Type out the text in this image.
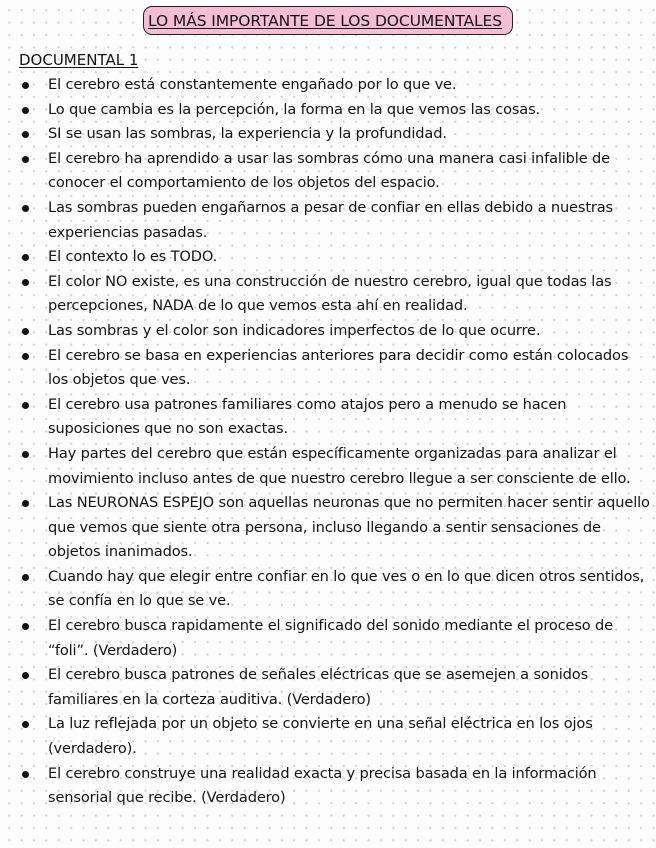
LO MÁS IMPORTANTE DE LOS DOCUMENTALES
DOCUMENTAL 1
El cerebro está constantemente engañado por lo que ve.
Lo que cambia es la percepción, la forma en la que vemos las cosas.
SI se usan las sombras, la experiencia y la profundidad.
El cerebro ha aprendido a usar las sombras cómo una manera casi infalible de conocer el comportamiento de los objetos del espacio.
Las sombras pueden engañarnos a pesar de confiar en ellas debido a nuestras experiencias pasadas.
El contexto lo es TODO.
El color NO existe, es una construcción de nuestro cerebro, igual que todas las percepciones, NADA de lo que vemos esta ahí en realidad.
Las sombras y el color son indicadores imperfectos de lo que ocurre.
El cerebro se basa en experiencias anteriores para decidir como están colocados los objetos que ves.
El cerebro usa patrones familiares como atajos pero a menudo se hacen suposiciones que no son exactas.
Hay partes del cerebro que están específicamente organizadas para analizar el movimiento incluso antes de que nuestro cerebro llegue a ser consciente de ello.
Las NEURONAS ESPEJO son aquellas neuronas que no permiten hacer sentir aquello que vemos que siente otra persona, incluso llegando a sentir sensaciones de objetos inanimados.
Cuando hay que elegir entre confiar en lo que ves o en lo que dicen otros sentidos, se confía en lo que se ve.
El cerebro busca rapidamente el significado del sonido mediante el proceso de “foli”. (Verdadero)
El cerebro busca patrones de señales eléctricas que se asemejen a sonidos familiares en la corteza auditiva. (Verdadero)
La luz reflejada por un objeto se convierte en una señal eléctrica en los ojos (verdadero).
El cerebro construye una realidad exacta y precisa basada en la información sensorial que recibe. (Verdadero)
